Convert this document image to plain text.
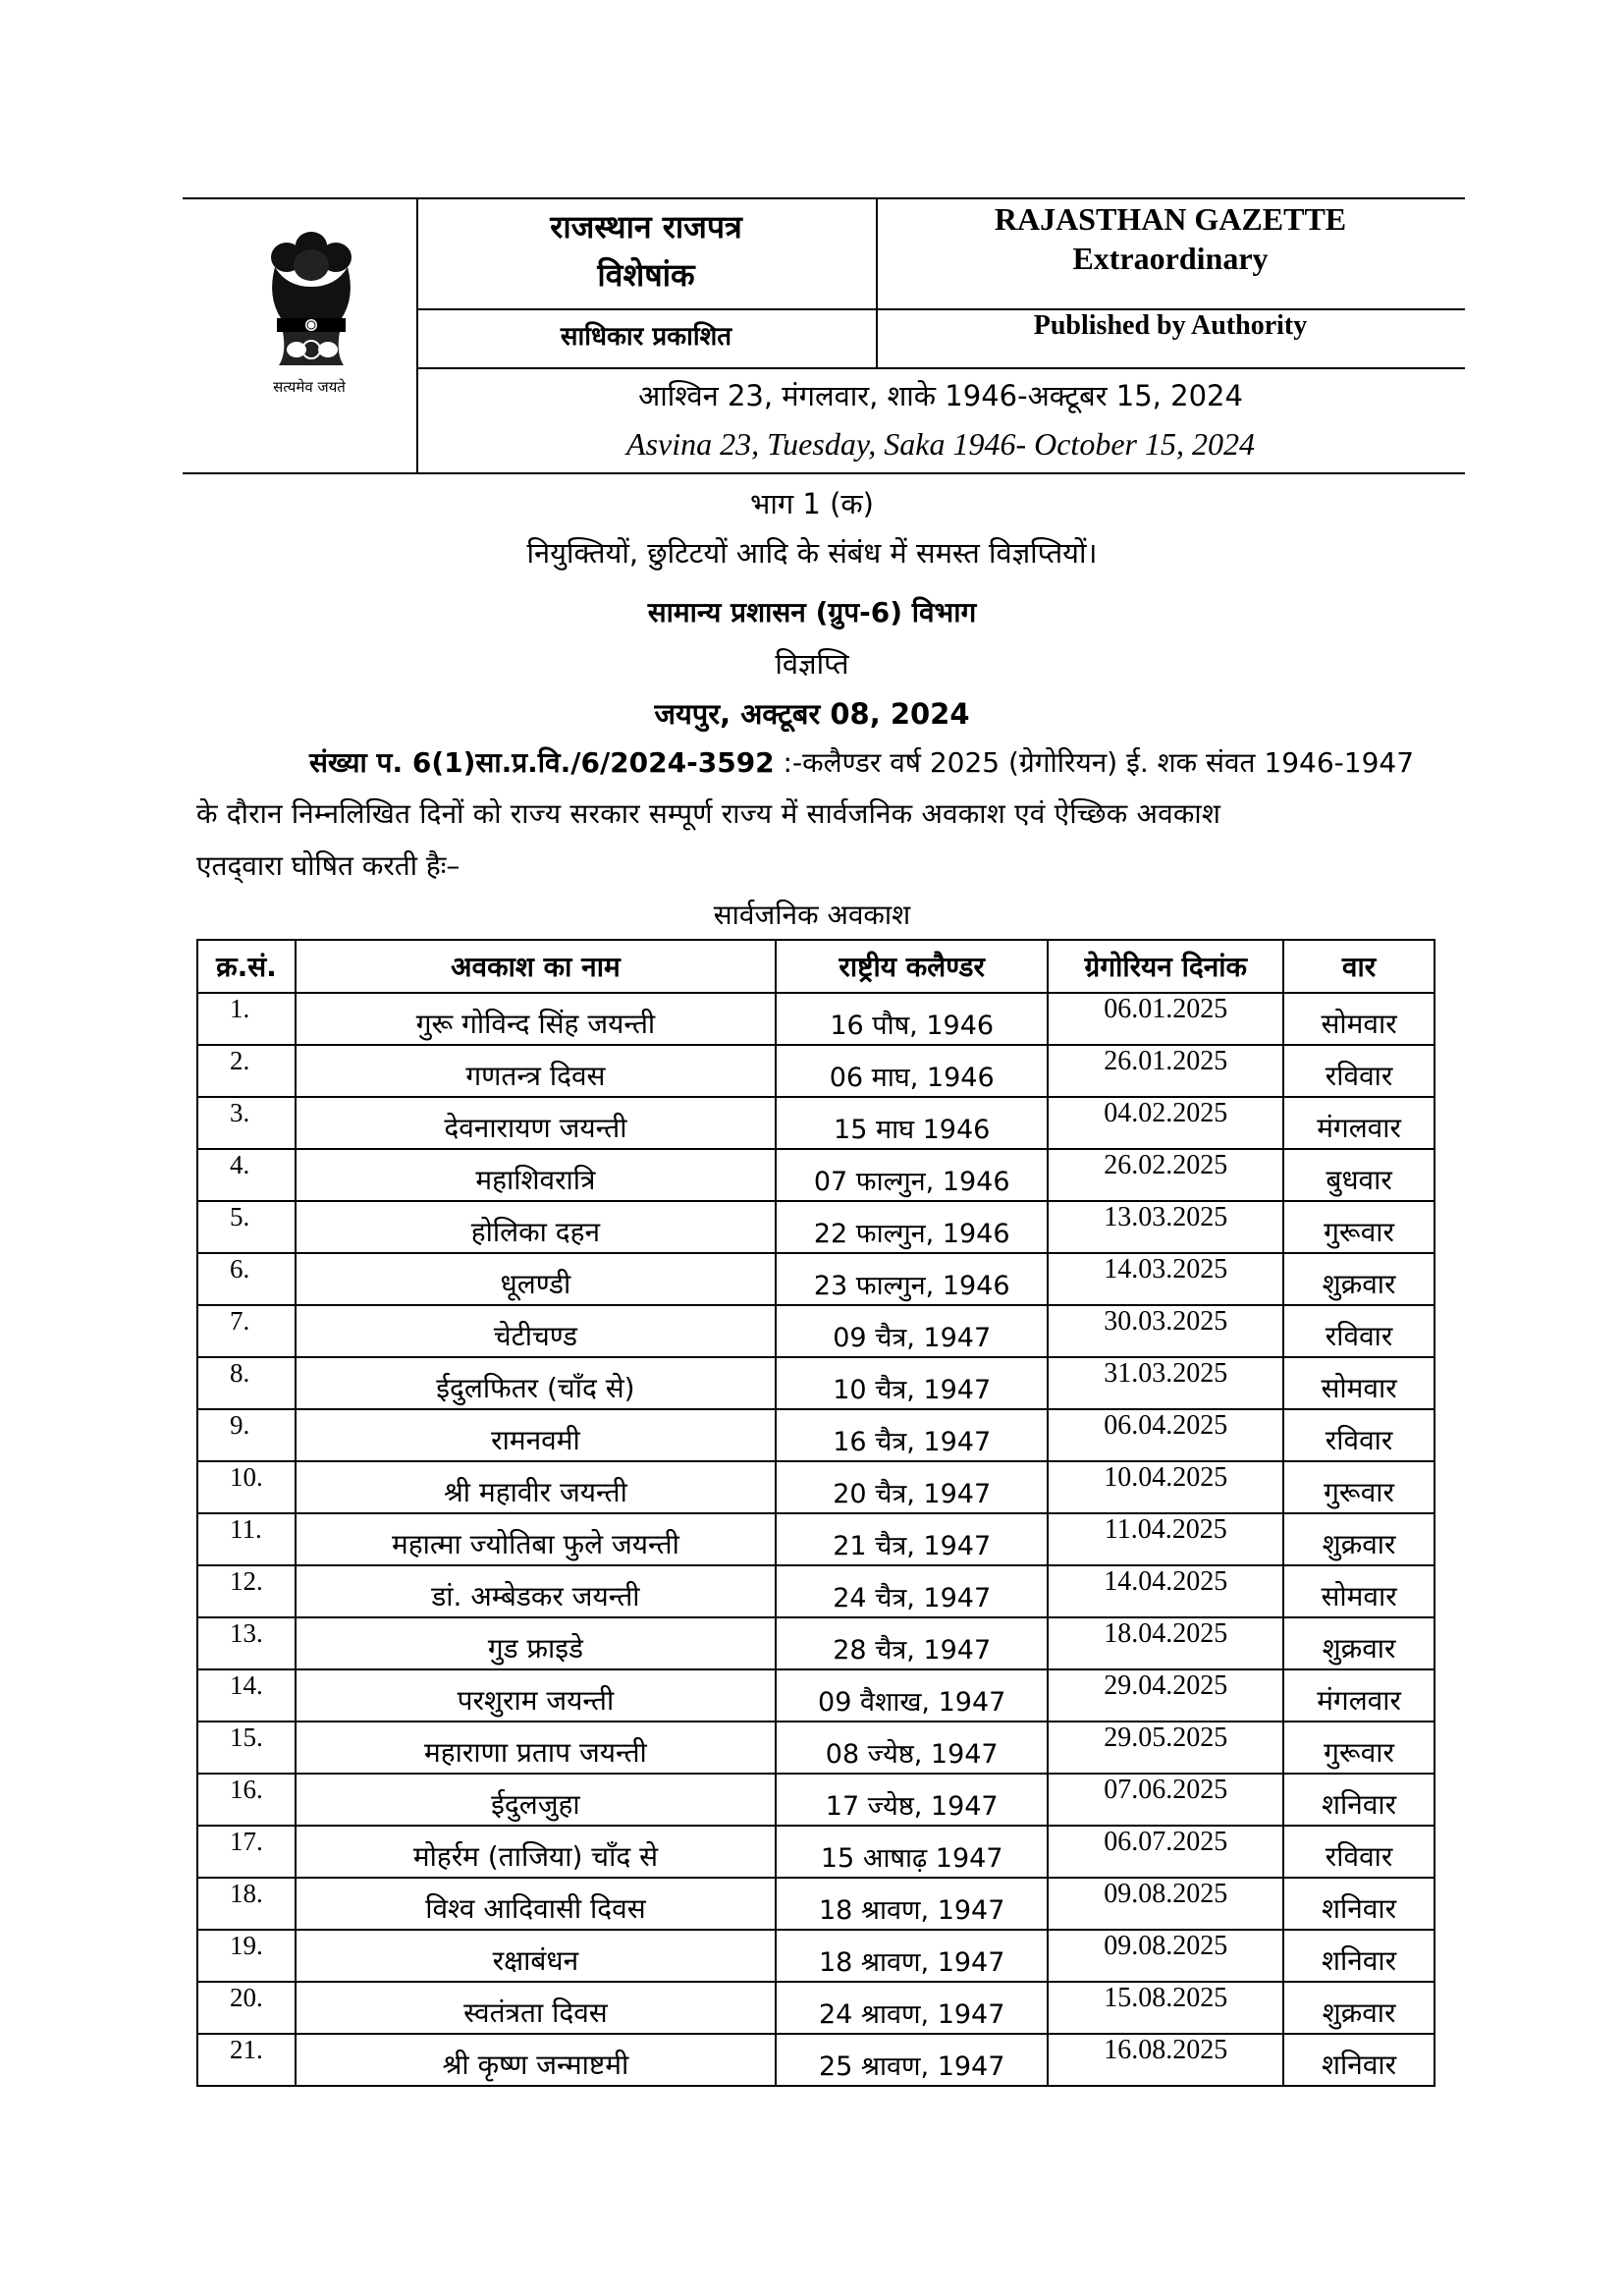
सत्यमेव जयते
राजस्थान राजपत्र
विशेषांक
RAJASTHAN GAZETTE
Extraordinary
साधिकार प्रकाशित	Published by Authority
आश्विन 23, मंगलवार, शाके 1946-अक्टूबर 15, 2024
Asvina 23, Tuesday, Saka 1946- October 15, 2024
भाग 1 (क)
नियुक्तियों, छुटिटयों आदि के संबंध में समस्त विज्ञप्तियों।
सामान्य प्रशासन (ग्रुप-6) विभाग
विज्ञप्ति
जयपुर, अक्टूबर 08, 2024
संख्या प. 6(1)सा.प्र.वि./6/2024-3592 :-कलैण्डर वर्ष 2025 (ग्रेगोरियन) ई. शक संवत 1946-1947
के दौरान निम्नलिखित दिनों को राज्य सरकार सम्पूर्ण राज्य में सार्वजनिक अवकाश एवं ऐच्छिक अवकाश
एतद्‌वारा घोषित करती हैः–
सार्वजनिक अवकाश
क्र.सं.	अवकाश का नाम	राष्ट्रीय कलैण्डर	ग्रेगोरियन दिनांक	वार
1.	गुरू गोविन्द सिंह जयन्ती	16 पौष, 1946	06.01.2025	सोमवार
2.	गणतन्त्र दिवस	06 माघ, 1946	26.01.2025	रविवार
3.	देवनारायण जयन्ती	15 माघ 1946	04.02.2025	मंगलवार
4.	महाशिवरात्रि	07 फाल्गुन, 1946	26.02.2025	बुधवार
5.	होलिका दहन	22 फाल्गुन, 1946	13.03.2025	गुरूवार
6.	धूलण्डी	23 फाल्गुन, 1946	14.03.2025	शुक्रवार
7.	चेटीचण्ड	09 चैत्र, 1947	30.03.2025	रविवार
8.	ईदुलफितर (चाँद से)	10 चैत्र, 1947	31.03.2025	सोमवार
9.	रामनवमी	16 चैत्र, 1947	06.04.2025	रविवार
10.	श्री महावीर जयन्ती	20 चैत्र, 1947	10.04.2025	गुरूवार
11.	महात्मा ज्योतिबा फुले जयन्ती	21 चैत्र, 1947	11.04.2025	शुक्रवार
12.	डां. अम्बेडकर जयन्ती	24 चैत्र, 1947	14.04.2025	सोमवार
13.	गुड फ्राइडे	28 चैत्र, 1947	18.04.2025	शुक्रवार
14.	परशुराम जयन्ती	09 वैशाख, 1947	29.04.2025	मंगलवार
15.	महाराणा प्रताप जयन्ती	08 ज्येष्ठ, 1947	29.05.2025	गुरूवार
16.	ईदुलजुहा	17 ज्येष्ठ, 1947	07.06.2025	शनिवार
17.	मोहर्रम (ताजिया) चाँद से	15 आषाढ़ 1947	06.07.2025	रविवार
18.	विश्व आदिवासी दिवस	18 श्रावण, 1947	09.08.2025	शनिवार
19.	रक्षाबंधन	18 श्रावण, 1947	09.08.2025	शनिवार
20.	स्वतंत्रता दिवस	24 श्रावण, 1947	15.08.2025	शुक्रवार
21.	श्री कृष्ण जन्माष्टमी	25 श्रावण, 1947	16.08.2025	शनिवार
